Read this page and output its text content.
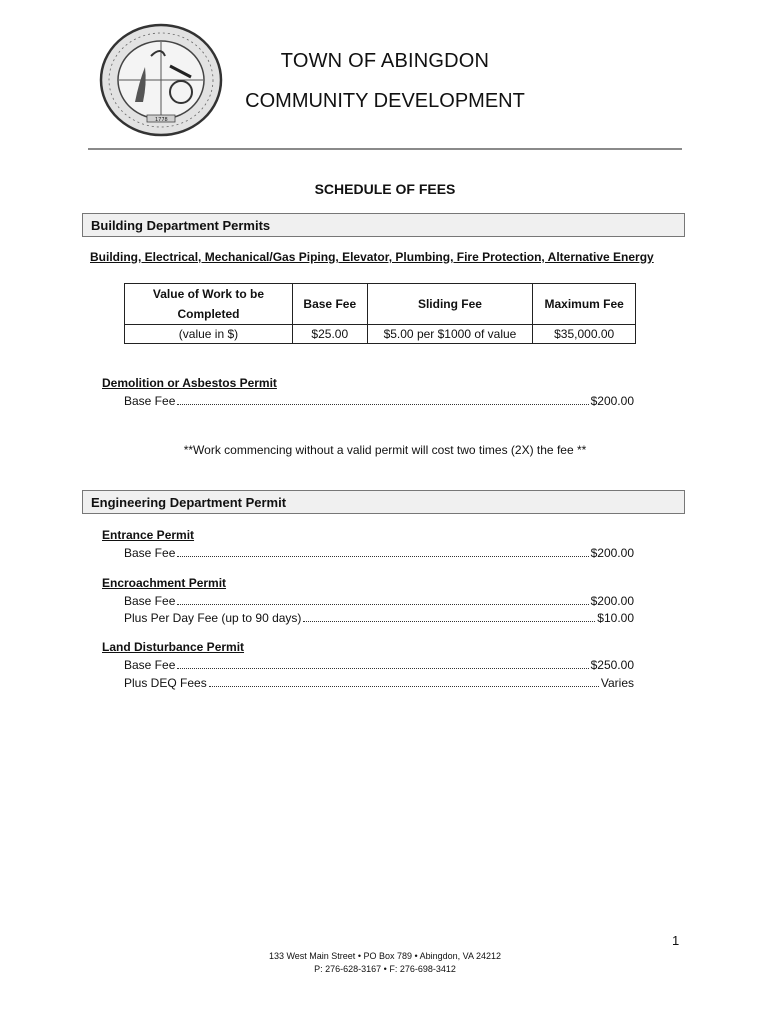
1778
TOWN OF ABINGDON
COMMUNITY DEVELOPMENT
SCHEDULE OF FEES
Building Department Permits
Building, Electrical, Mechanical/Gas Piping, Elevator, Plumbing, Fire Protection, Alternative Energy
Value of Work to be
Completed	Base Fee	Sliding Fee	Maximum Fee
(value in $)	$25.00	$5.00 per $1000 of value	$35,000.00
Demolition or Asbestos Permit
Base Fee	$200.00
**Work commencing without a valid permit will cost two times (2X) the fee **
Engineering Department Permit
Entrance Permit
Base Fee	$200.00
Encroachment Permit
Base Fee	$200.00
Plus Per Day Fee (up to 90 days)	$10.00
Land Disturbance Permit
Base Fee	$250.00
Plus DEQ Fees	Varies
1
133 West Main Street • PO Box 789 • Abingdon, VA 24212
P: 276-628-3167 • F: 276-698-3412
